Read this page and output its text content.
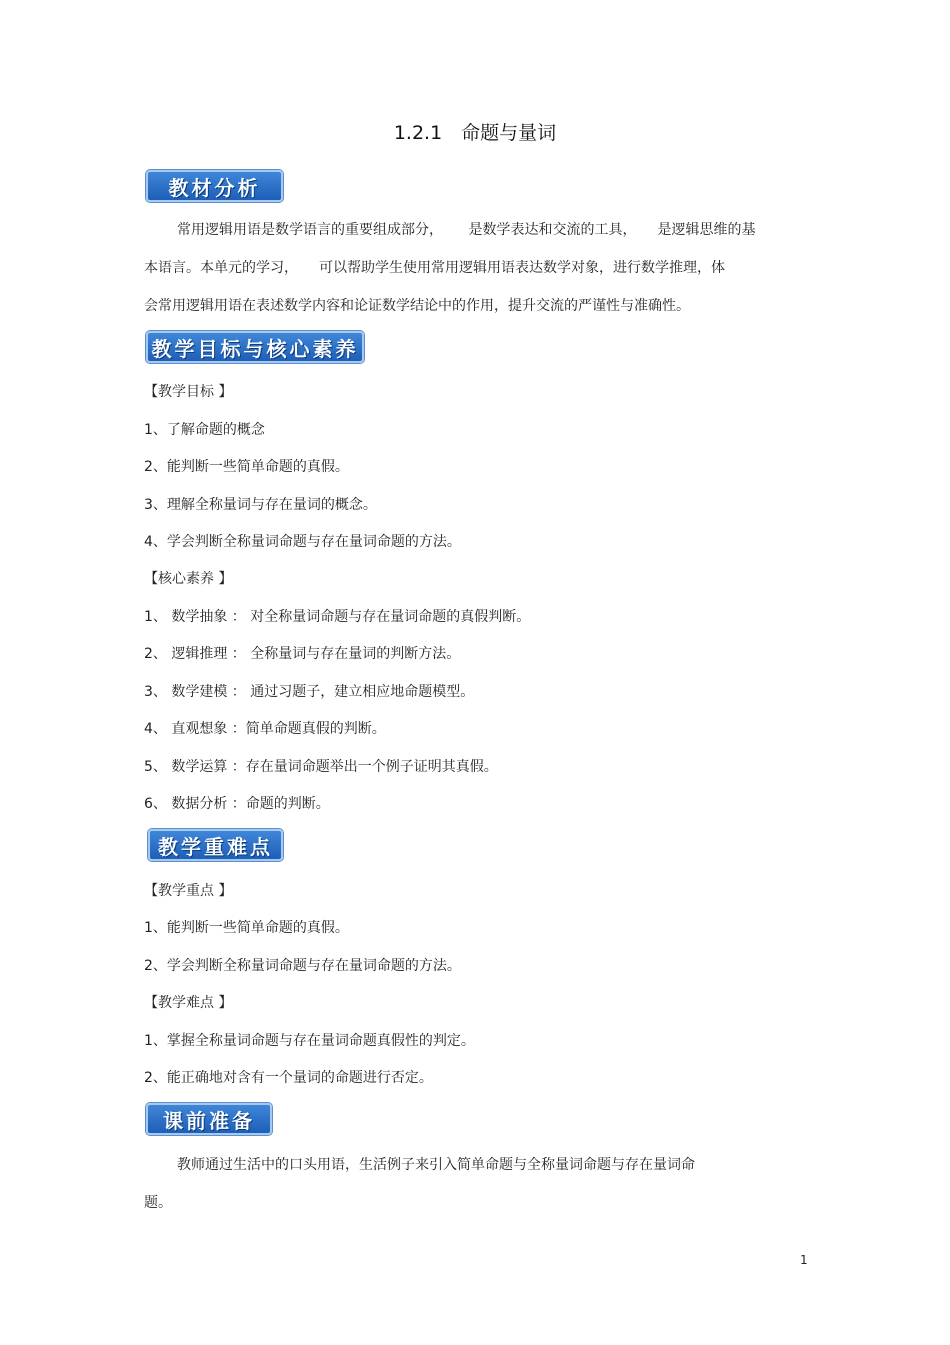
1.2.1　命题与量词
教材分析
常用逻辑用语是数学语言的重要组成部分，　　 是数学表达和交流的工具，　　是逻辑思维的基
本语言。本单元的学习，　　可以帮助学生使用常用逻辑用语表达数学对象，进行数学推理，体
会常用逻辑用语在表述数学内容和论证数学结论中的作用，提升交流的严谨性与准确性。
教学目标与核心素养
【教学目标 】
1、了解命题的概念
2、能判断一些简单命题的真假。
3、理解全称量词与存在量词的概念。
4、学会判断全称量词命题与存在量词命题的方法。
【核心素养 】
1、 数学抽象 ： 对全称量词命题与存在量词命题的真假判断。
2、 逻辑推理 ： 全称量词与存在量词的判断方法。
3、 数学建模 ： 通过习题子，建立相应地命题模型。
4、 直观想象 ：简单命题真假的判断。
5、 数学运算 ：存在量词命题举出一个例子证明其真假。
6、 数据分析 ：命题的判断。
教学重难点
【教学重点 】
1、能判断一些简单命题的真假。
2、学会判断全称量词命题与存在量词命题的方法。
【教学难点 】
1、掌握全称量词命题与存在量词命题真假性的判定。
2、能正确地对含有一个量词的命题进行否定。
课前准备
教师通过生活中的口头用语，生活例子来引入简单命题与全称量词命题与存在量词命
题。
1
